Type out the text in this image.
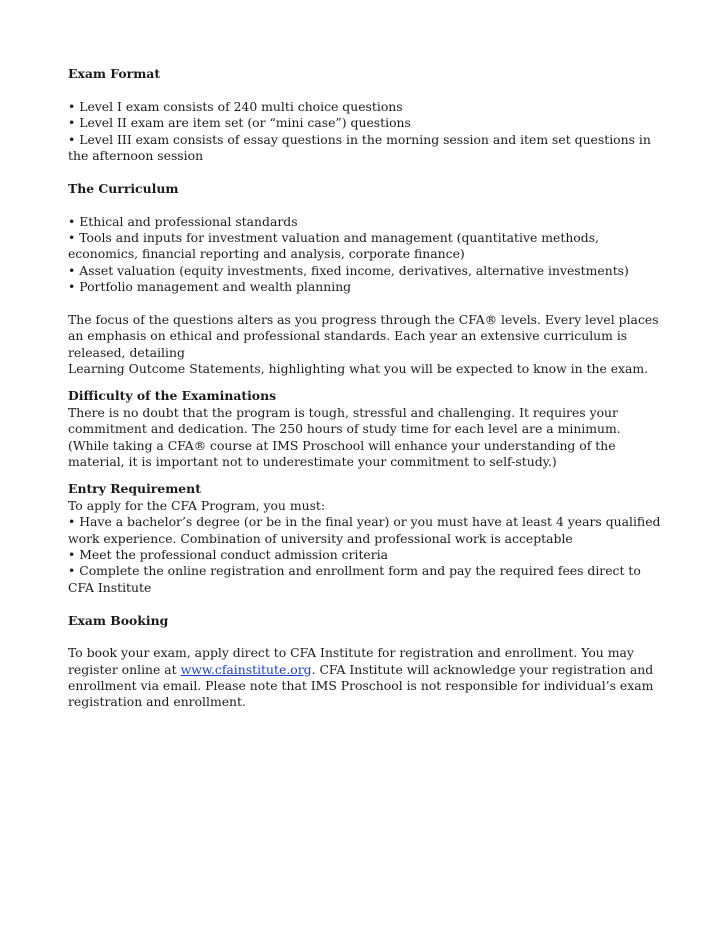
Exam Format
• Level I exam consists of 240 multi choice questions
• Level II exam are item set (or “mini case”) questions
• Level III exam consists of essay questions in the morning session and item set questions in
the afternoon session
The Curriculum
• Ethical and professional standards
• Tools and inputs for investment valuation and management (quantitative methods,
economics, financial reporting and analysis, corporate finance)
• Asset valuation (equity investments, fixed income, derivatives, alternative investments)
• Portfolio management and wealth planning
The focus of the questions alters as you progress through the CFA® levels. Every level places
an emphasis on ethical and professional standards. Each year an extensive curriculum is
released, detailing
Learning Outcome Statements, highlighting what you will be expected to know in the exam.
Difficulty of the Examinations
There is no doubt that the program is tough, stressful and challenging. It requires your
commitment and dedication. The 250 hours of study time for each level are a minimum.
(While taking a CFA® course at IMS Proschool will enhance your understanding of the
material, it is important not to underestimate your commitment to self-study.)
Entry Requirement
To apply for the CFA Program, you must:
• Have a bachelor’s degree (or be in the final year) or you must have at least 4 years qualified
work experience. Combination of university and professional work is acceptable
• Meet the professional conduct admission criteria
• Complete the online registration and enrollment form and pay the required fees direct to
CFA Institute
Exam Booking
To book your exam, apply direct to CFA Institute for registration and enrollment. You may
register online at www.cfainstitute.org. CFA Institute will acknowledge your registration and
enrollment via email. Please note that IMS Proschool is not responsible for individual’s exam
registration and enrollment.
